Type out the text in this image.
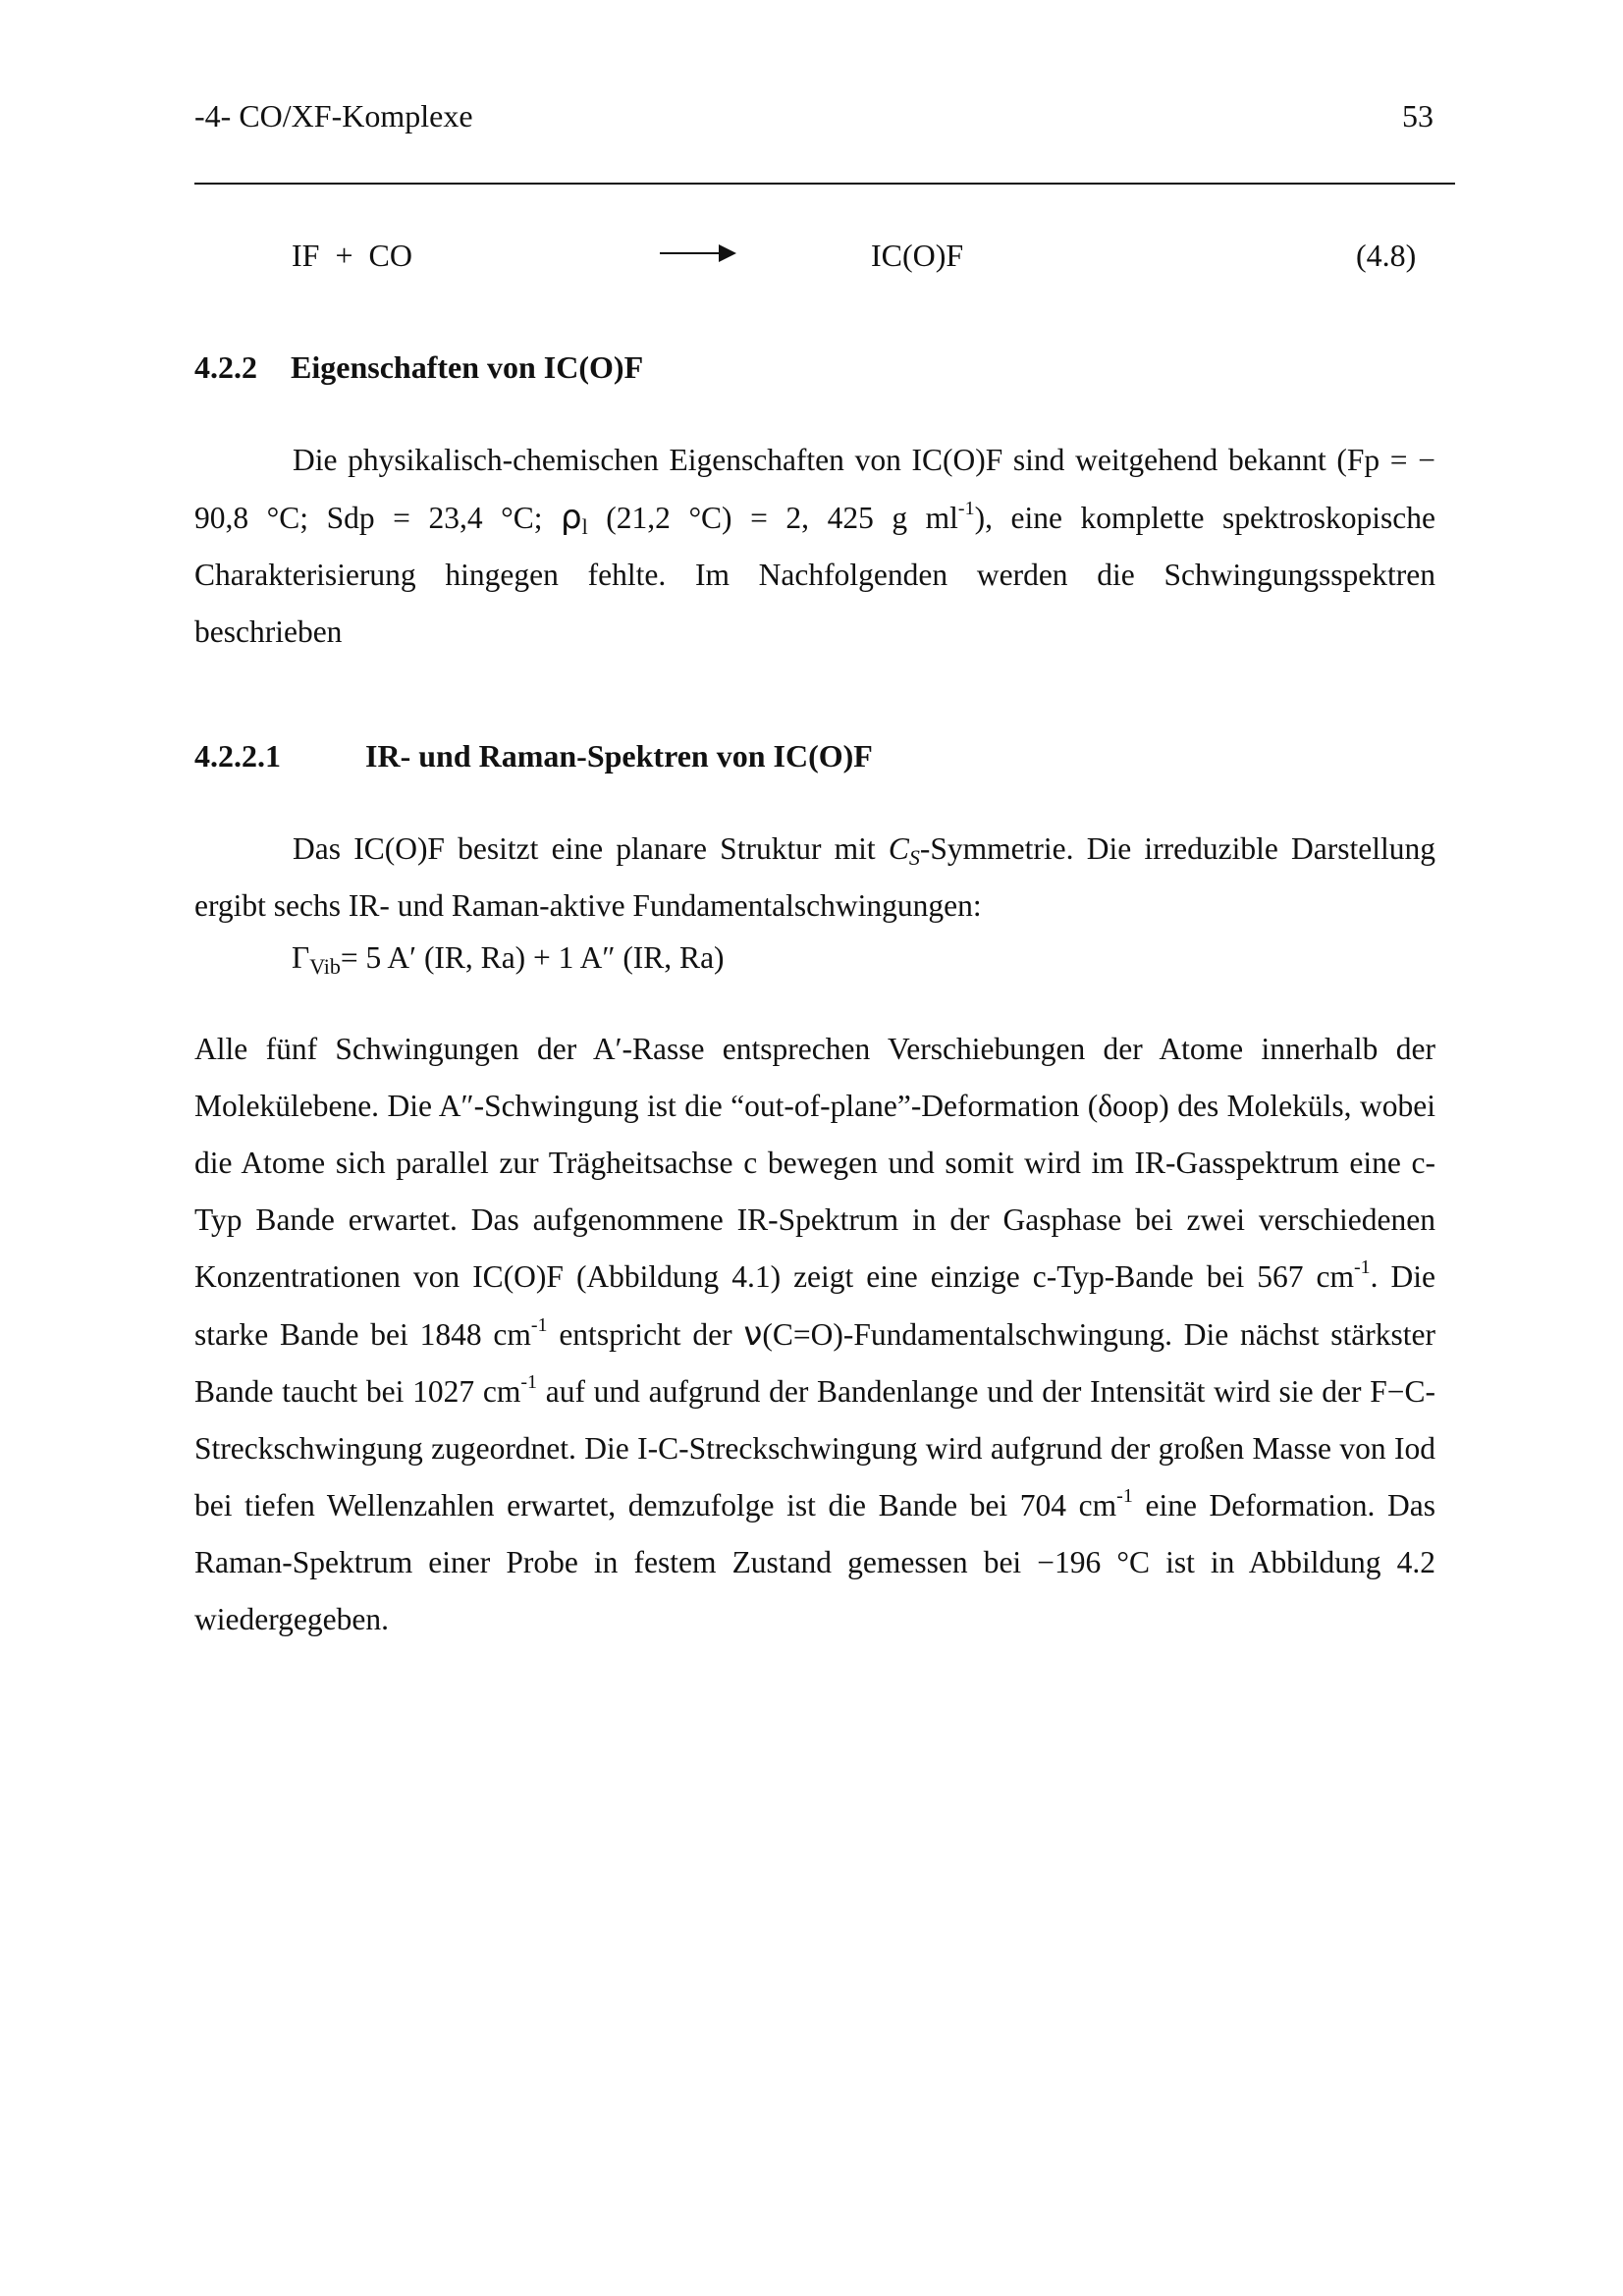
-4- CO/XF-Komplexe	53
IF  +  CO	IC(O)F	(4.8)
4.2.2 Eigenschaften von IC(O)F

Die physikalisch-chemischen Eigenschaften von IC(O)F sind weitgehend bekannt (Fp = − 90,8 °C; Sdp = 23,4 °C; $\rho_l$ (21,2 °C) = 2, 425 g $ml^{-1}$), eine komplette spektroskopische Charakterisierung hingegen fehlte. Im Nachfolgenden werden die Schwingungsspektren beschrieben

4.2.2.1	IR- und Raman-Spektren von IC(O)F

Das IC(O)F besitzt eine planare Struktur mit $C_S$-Symmetrie. Die irreduzible Darstellung ergibt sechs IR- und Raman-aktive Fundamentalschwingungen:

$\Gamma_{Vib}= 5$ A′ (IR, Ra) + 1 A″ (IR, Ra)

Alle fünf Schwingungen der A′-Rasse entsprechen Verschiebungen der Atome innerhalb der Molekülebene. Die A″-Schwingung ist die “out-of-plane”-Deformation (δoop) des Moleküls, wobei die Atome sich parallel zur Trägheitsachse c bewegen und somit wird im IR-Gasspektrum eine c-Typ Bande erwartet. Das aufgenommene IR-Spektrum in der Gasphase bei zwei verschiedenen Konzentrationen von IC(O)F (Abbildung 4.1) zeigt eine einzige c-Typ-Bande bei 567 $cm^{-1}$. Die starke Bande bei 1848 $cm^{-1}$ entspricht der ν(C=O)-Fundamentalschwingung. Die nächst stärkster Bande taucht bei 1027 $cm^{-1}$ auf und aufgrund der Bandenlange und der Intensität wird sie der F−C-Streckschwingung zugeordnet. Die I-C-Streckschwingung wird aufgrund der großen Masse von Iod bei tiefen Wellenzahlen erwartet, demzufolge ist die Bande bei 704 $cm^{-1}$ eine Deformation. Das Raman-Spektrum einer Probe in festem Zustand gemessen bei −196 °C ist in Abbildung 4.2 wiedergegeben.
